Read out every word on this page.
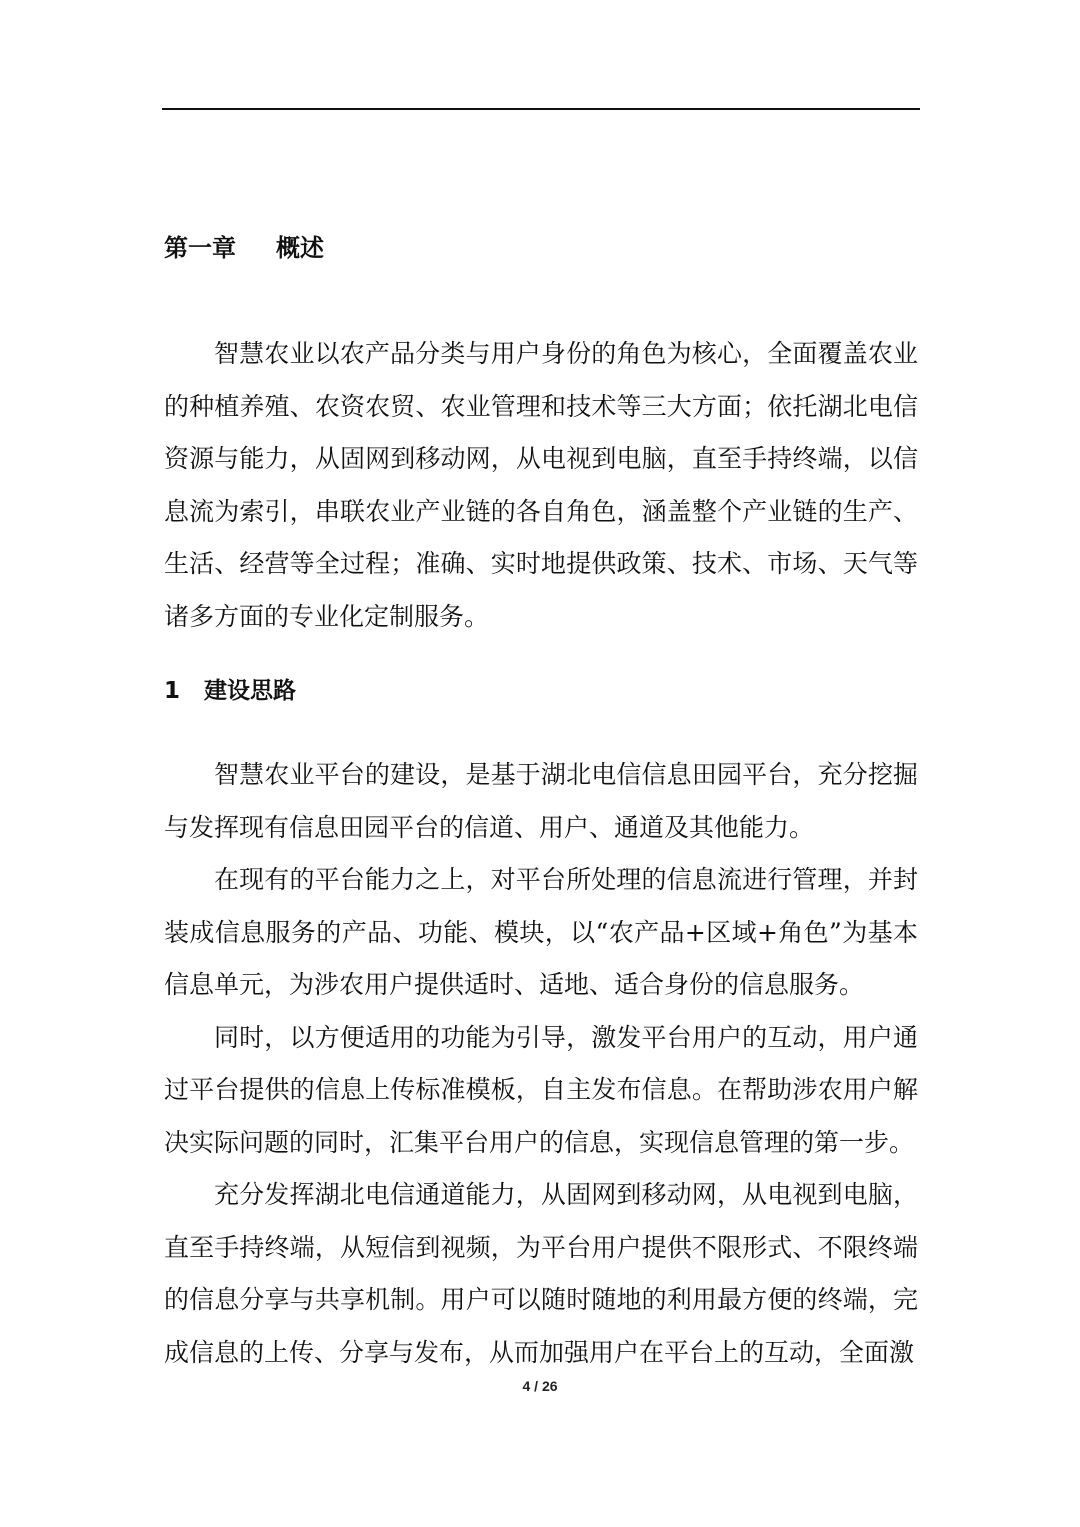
第一章 概述

智慧农业以农产品分类与用户身份的角色为核心，全面覆盖农业的种植养殖、农资农贸、农业管理和技术等三大方面；依托湖北电信资源与能力，从固网到移动网，从电视到电脑，直至手持终端，以信息流为索引，串联农业产业链的各自角色，涵盖整个产业链的生产、生活、经营等全过程；准确、实时地提供政策、技术、市场、天气等诸多方面的专业化定制服务。

1 建设思路

智慧农业平台的建设，是基于湖北电信信息田园平台，充分挖掘与发挥现有信息田园平台的信道、用户、通道及其他能力。

在现有的平台能力之上，对平台所处理的信息流进行管理，并封装成信息服务的产品、功能、模块，以“农产品+区域+角色”为基本信息单元，为涉农用户提供适时、适地、适合身份的信息服务。

同时，以方便适用的功能为引导，激发平台用户的互动，用户通过平台提供的信息上传标准模板，自主发布信息。在帮助涉农用户解决实际问题的同时，汇集平台用户的信息，实现信息管理的第一步。

充分发挥湖北电信通道能力，从固网到移动网，从电视到电脑，直至手持终端，从短信到视频，为平台用户提供不限形式、不限终端的信息分享与共享机制。用户可以随时随地的利用最方便的终端，完成信息的上传、分享与发布，从而加强用户在平台上的互动，全面激

4 / 26
